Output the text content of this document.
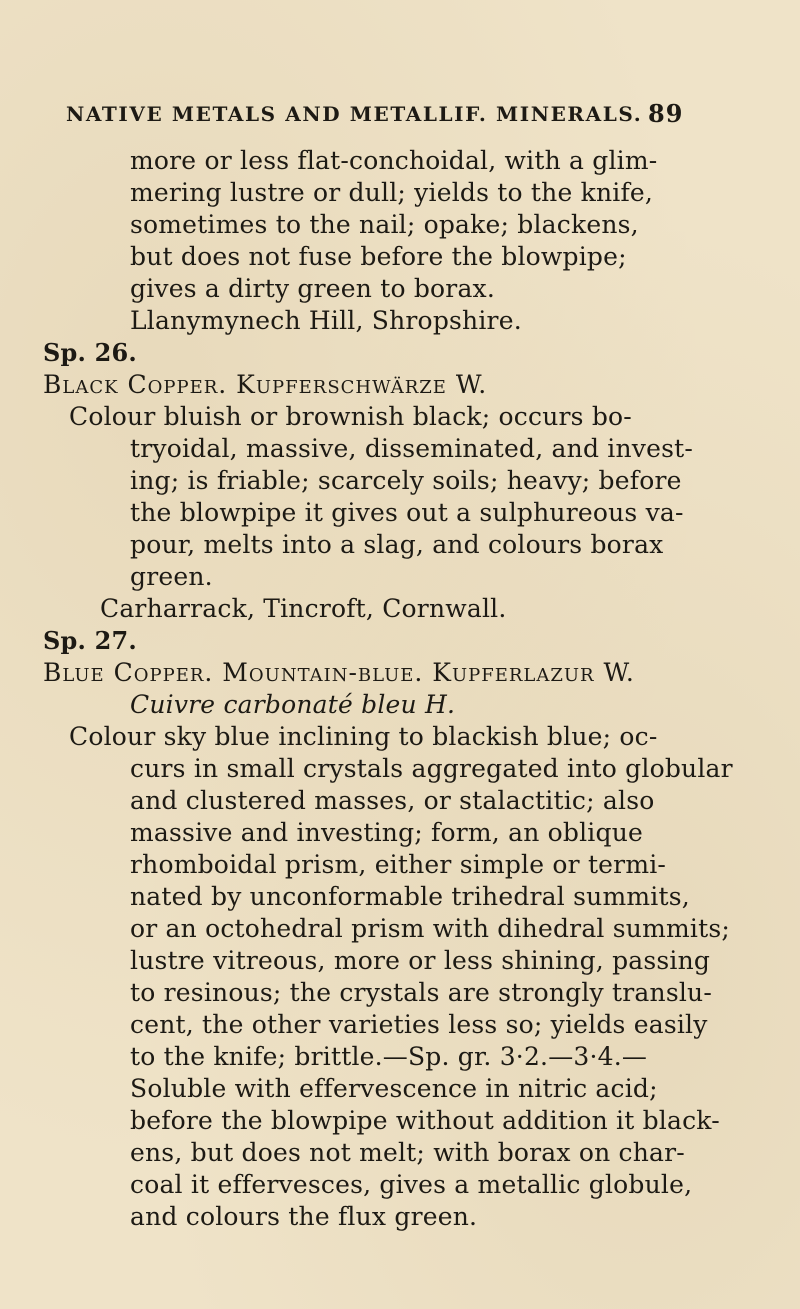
NATIVE METALS AND METALLIF. MINERALS. 89
more or less flat-conchoidal, with a glim-
mering lustre or dull; yields to the knife,
sometimes to the nail; opake; blackens,
but does not fuse before the blowpipe;
gives a dirty green to borax.
Llanymynech Hill, Shropshire.
Sp. 26.
Black Copper. Kupferschwärze W.
Colour bluish or brownish black; occurs bo-
tryoidal, massive, disseminated, and invest-
ing; is friable; scarcely soils; heavy; before
the blowpipe it gives out a sulphureous va-
pour, melts into a slag, and colours borax
green.
Carharrack, Tincroft, Cornwall.
Sp. 27.
Blue Copper. Mountain-blue. Kupferlazur W.
Cuivre carbonaté bleu H.
Colour sky blue inclining to blackish blue; oc-
curs in small crystals aggregated into globular
and clustered masses, or stalactitic; also
massive and investing; form, an oblique
rhomboidal prism, either simple or termi-
nated by unconformable trihedral summits,
or an octohedral prism with dihedral summits;
lustre vitreous, more or less shining, passing
to resinous; the crystals are strongly translu-
cent, the other varieties less so; yields easily
to the knife; brittle.—Sp. gr. 3·2.—3·4.—
Soluble with effervescence in nitric acid;
before the blowpipe without addition it black-
ens, but does not melt; with borax on char-
coal it effervesces, gives a metallic globule,
and colours the flux green.
